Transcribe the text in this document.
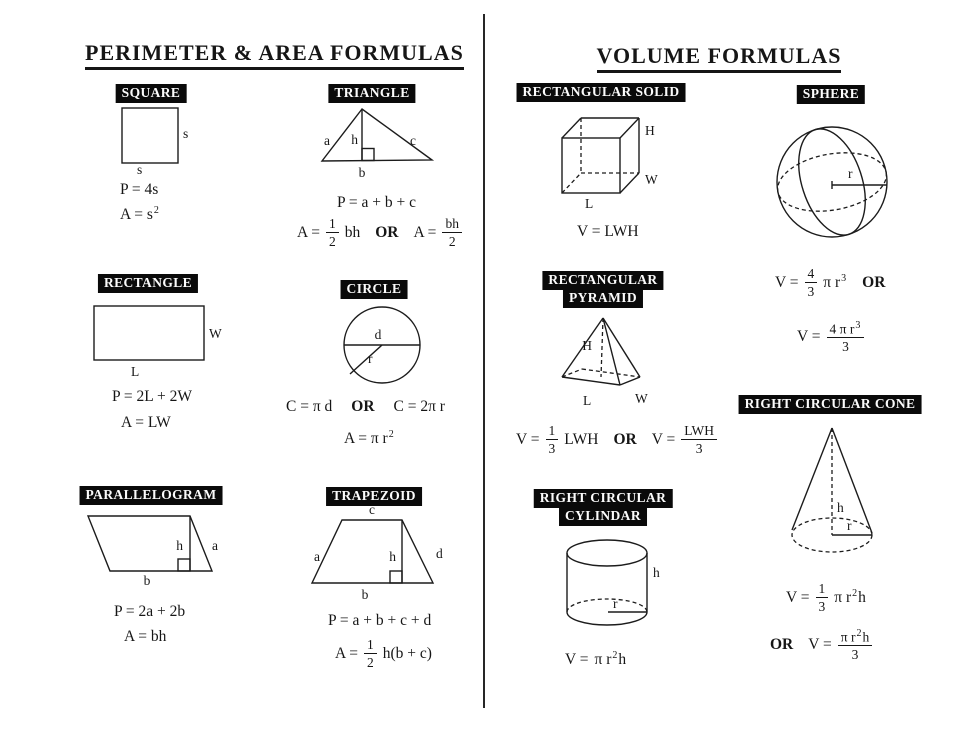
PERIMETER & AREA FORMULAS	VOLUME FORMULAS
SQUARE
s
s
P = 4s
$A = s^2$
TRIANGLE
a h	c
b
P = a + b + c
$A = \frac{1}{2}$ bh OR $A = \frac{bh}{2}$
RECTANGLE
W
L
P = 2L + 2W
A = LW
CIRCLE
d
r
C = π d OR C = 2π r
A = π $r^2$
PARALLELOGRAM
h a
b
P = 2a + 2b
A = bh
TRAPEZOID
c
a	h	d
b
P = a + b + c + d
$A = \frac{1}{2} h(b + c)$
RECTANGULAR SOLID
H
W
L
V = LWH
SPHERE
r
$V = \frac{4}{3}$ π $r^3$ OR
$V = \frac{4 \pi r^3}{3}$
RECTANGULAR
PYRAMID
H
L	W
$V = \frac{1}{3}$ LWH OR $V = \frac{\text{LWH}}{3}$
RIGHT CIRCULAR CONE
h
r
$V = \frac{1}{3}$ π $r^2h$
OR $V = \frac{\pi r^2h}{3}$
RIGHT CIRCULAR
CYLINDAR
h
r
V = π $r^2h$
